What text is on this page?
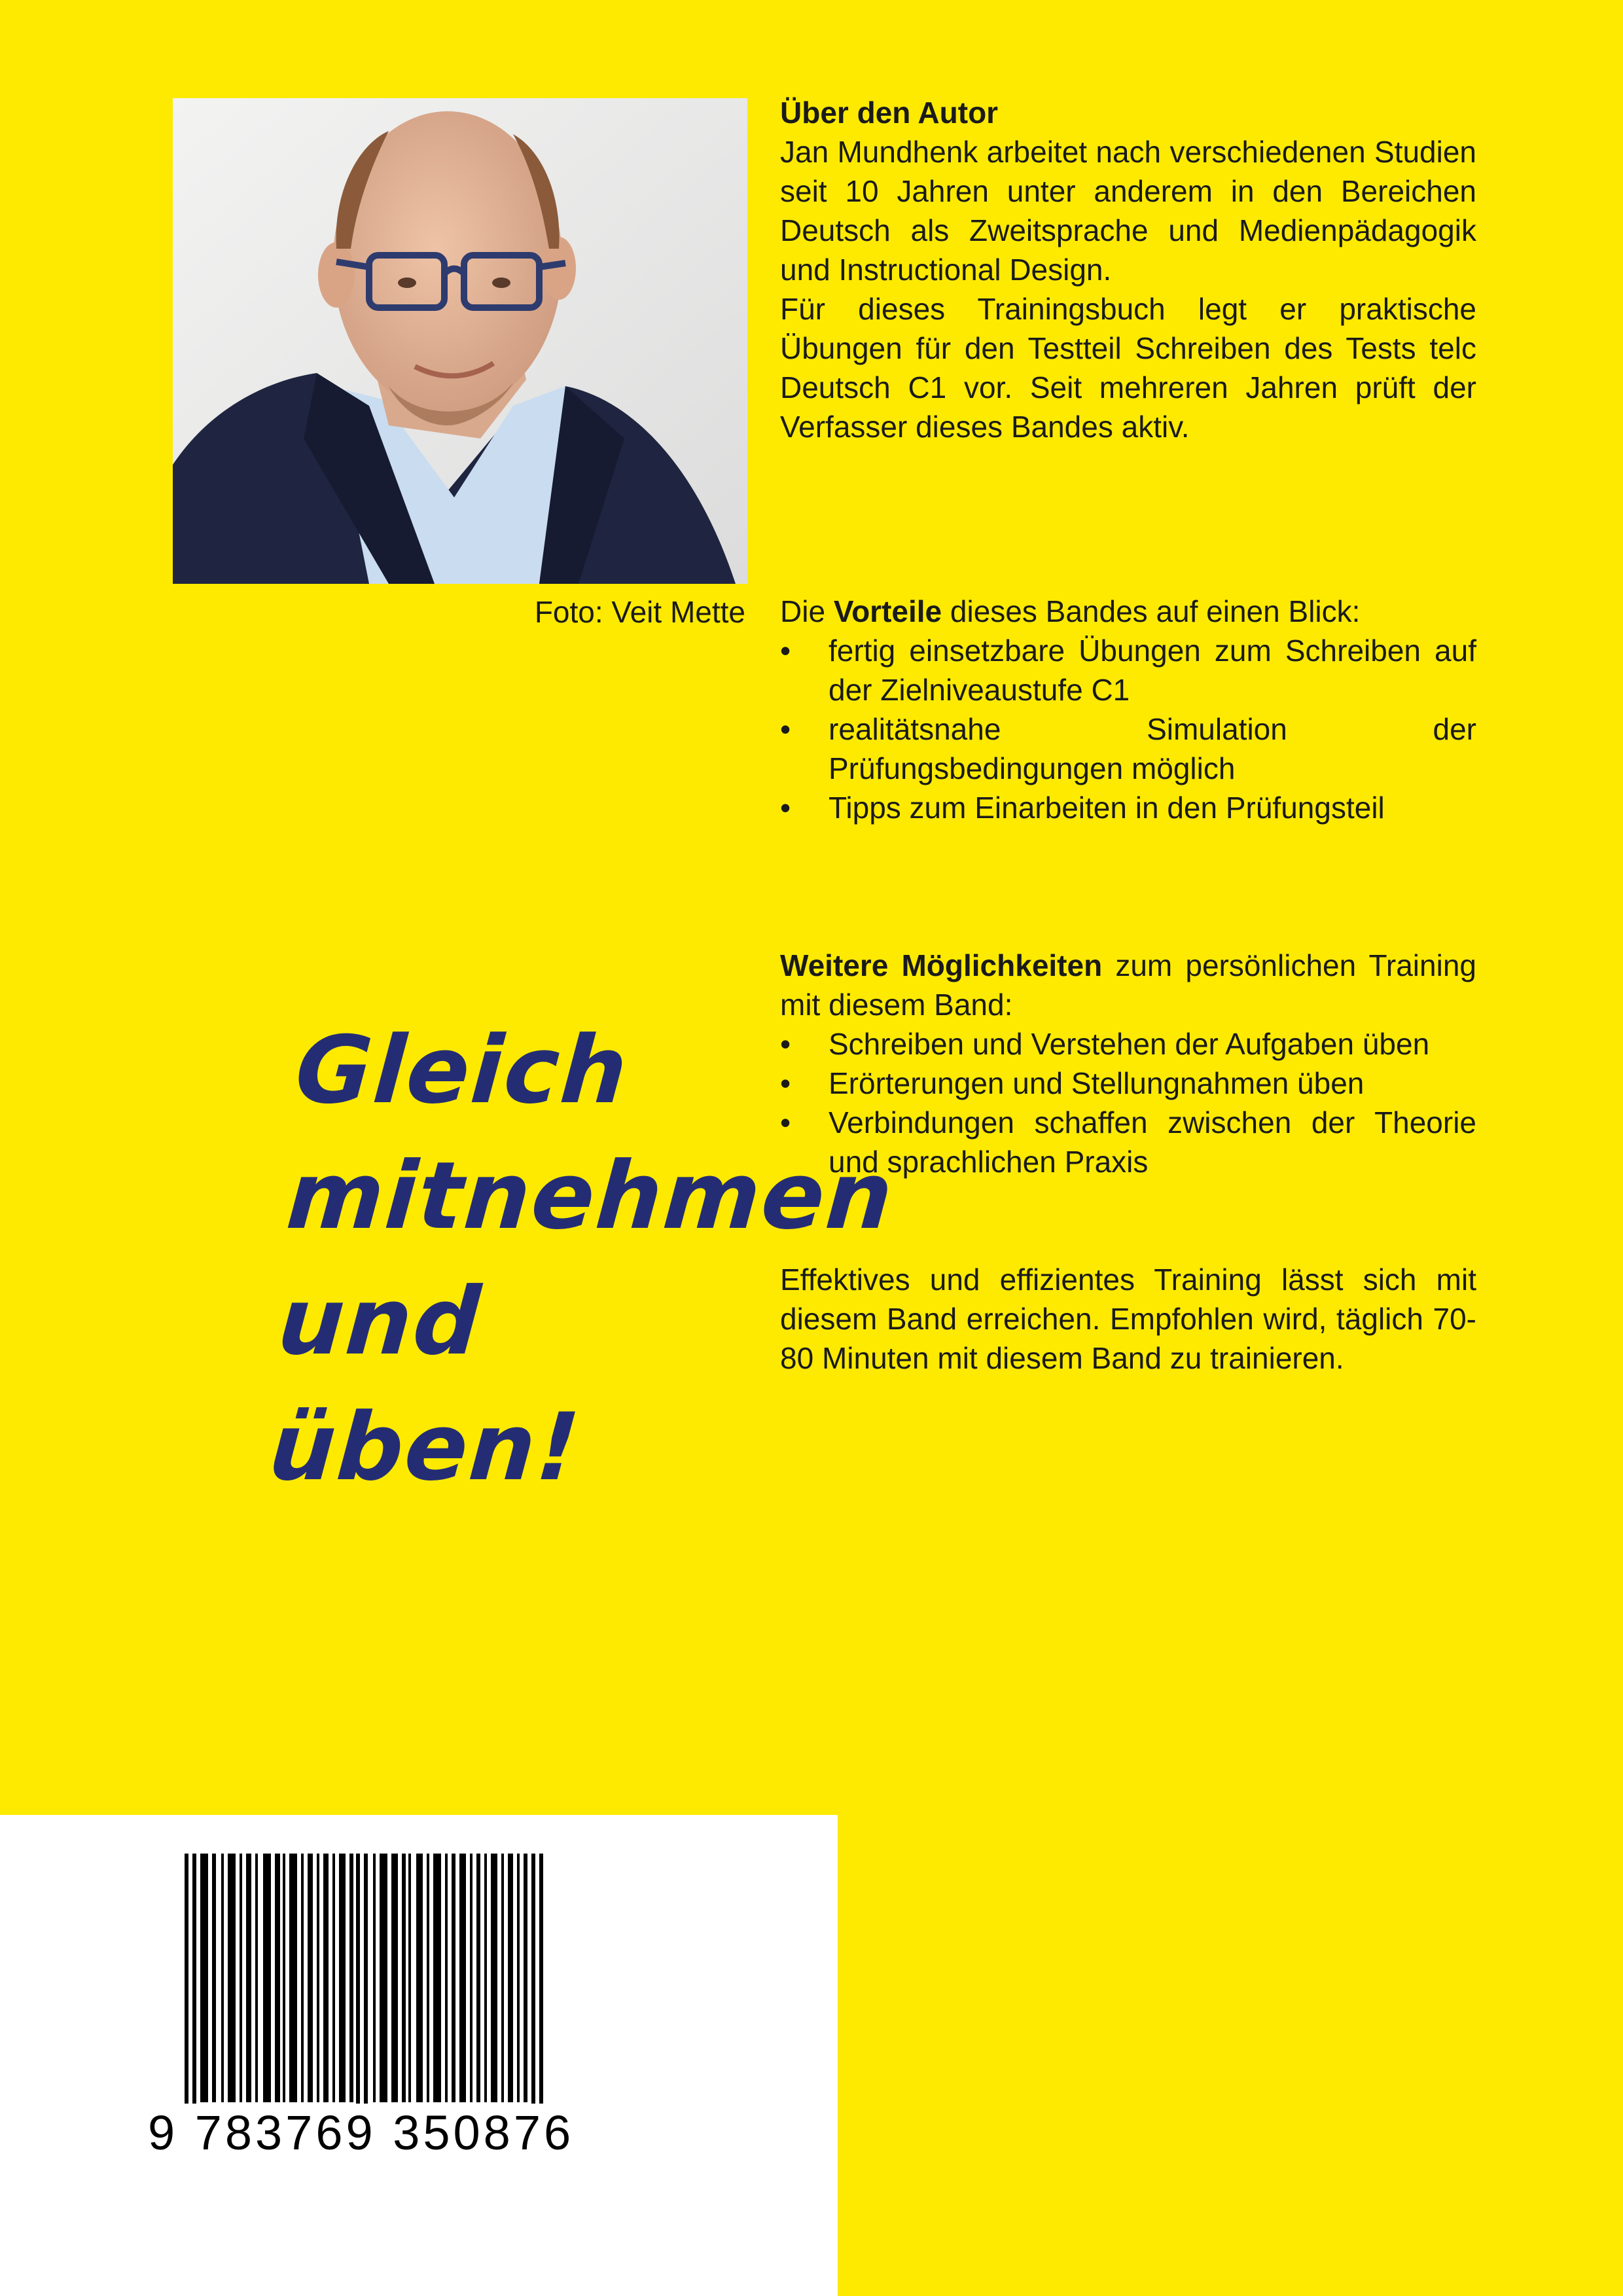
Foto: Veit Mette

Über den Autor

Jan Mundhenk arbeitet nach verschiedenen Studien seit 10 Jahren unter anderem in den Bereichen Deutsch als Zweitsprache und Medienpädagogik und Instructional Design.

Für dieses Trainingsbuch legt er praktische Übungen für den Testteil Schreiben des Tests telc Deutsch C1 vor. Seit mehreren Jahren prüft der Verfasser dieses Bandes aktiv.

Die Vorteile dieses Bandes auf einen Blick:

•	fertig einsetzbare Übungen zum Schreiben auf der Zielniveaustufe C1
•	realitätsnahe Simulation der Prüfungsbedingungen möglich
•	Tipps zum Einarbeiten in den Prüfungsteil

Weitere Möglichkeiten zum persönlichen Training mit diesem Band:

•	Schreiben und Verstehen der Aufgaben üben
•	Erörterungen und Stellungnahmen üben
•	Verbindungen schaffen zwischen der Theorie und sprachlichen Praxis

Effektives und effizientes Training lässt sich mit diesem Band erreichen. Empfohlen wird, täglich 70-80 Minuten mit diesem Band zu trainieren.

Gleich
mitnehmen
und üben!
9 783769 350876
